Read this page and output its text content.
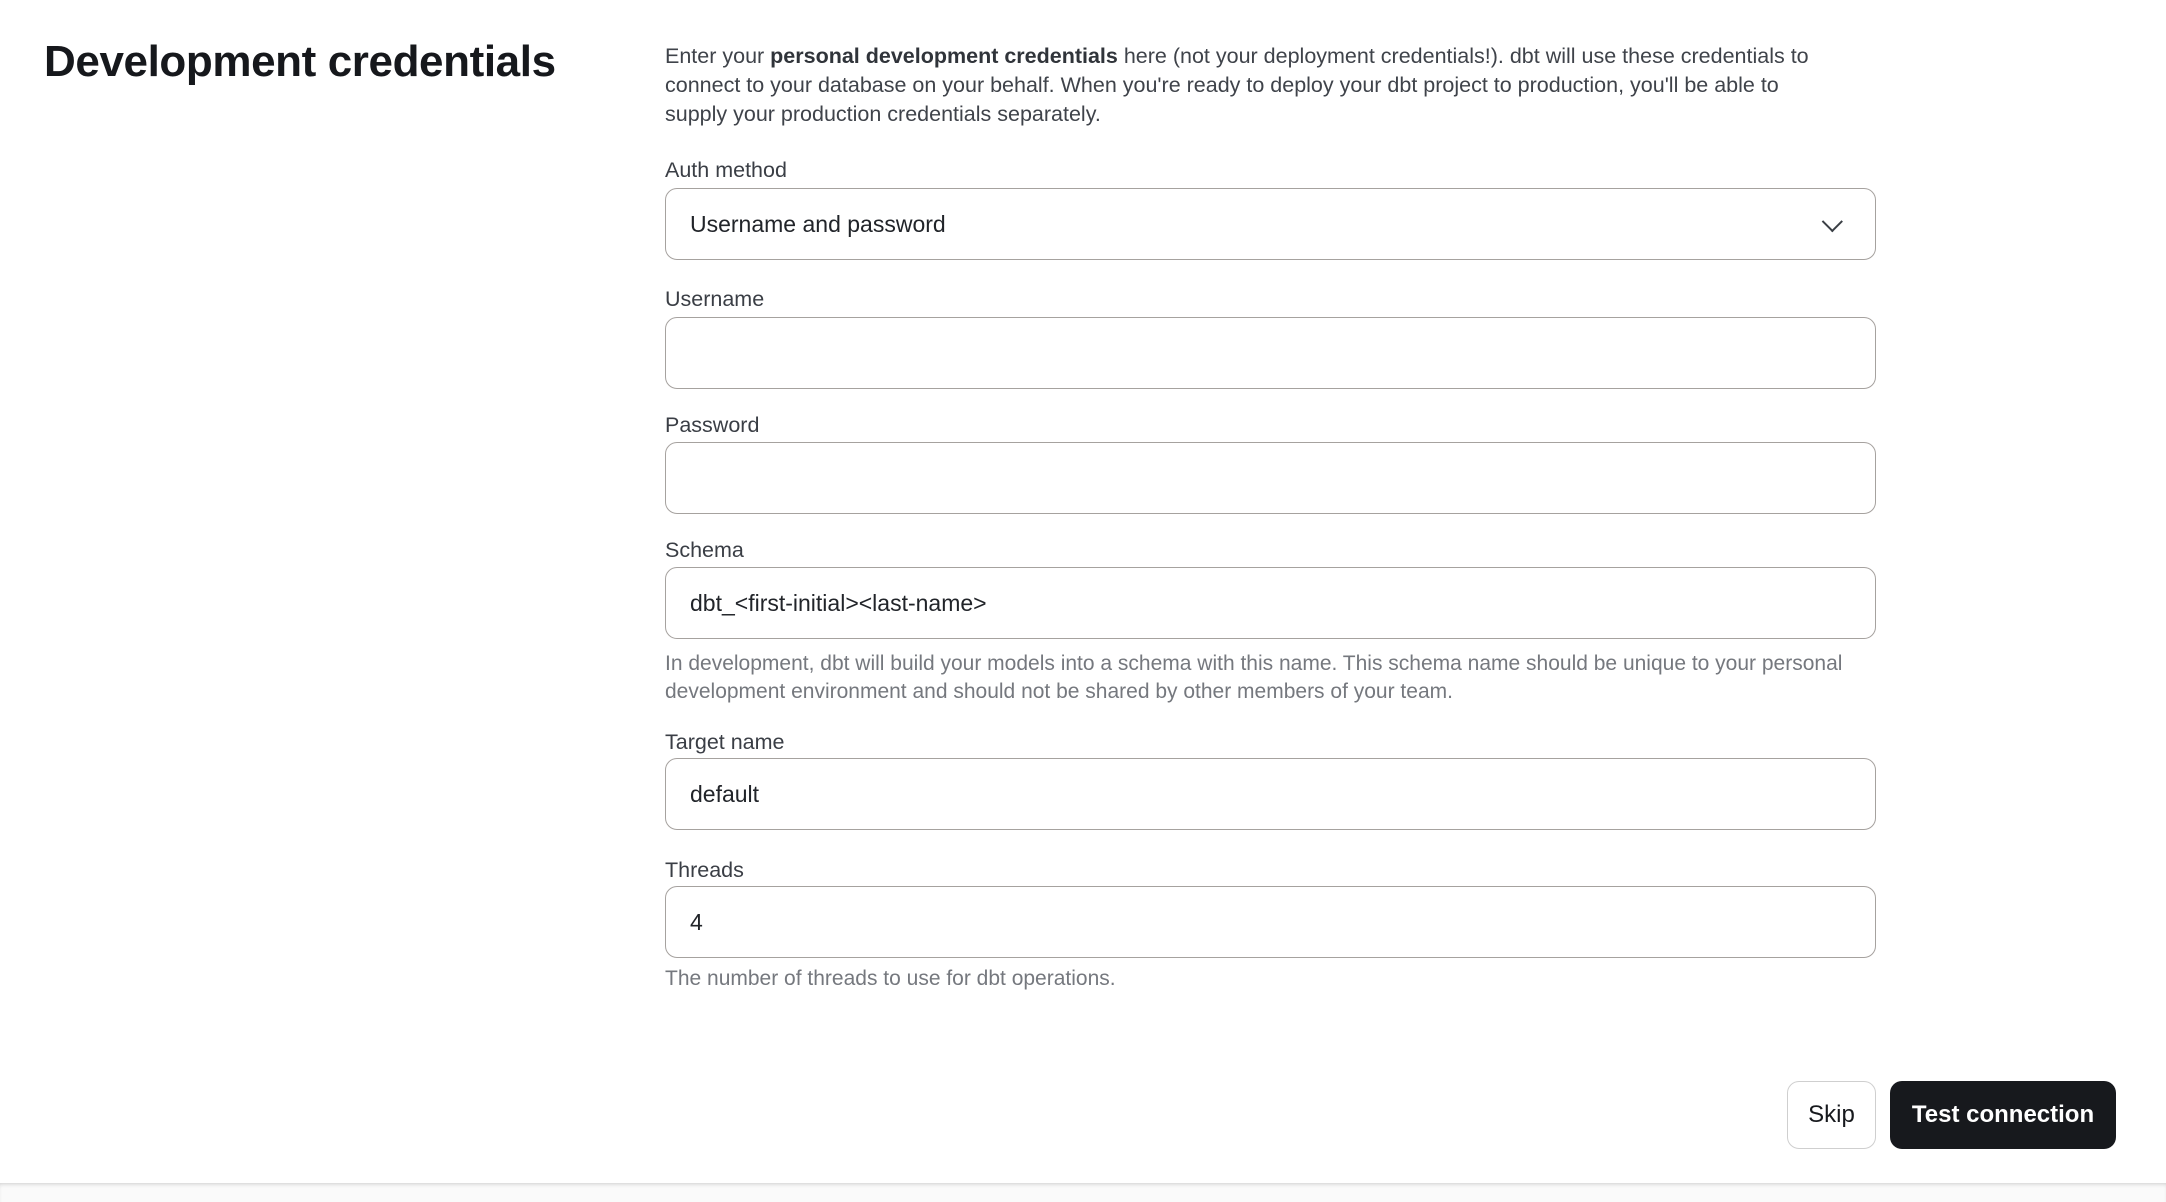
Development credentials	Enter your personal development credentials here (not your deployment credentials!). dbt will use these credentials to connect to your database on your behalf. When you're ready to deploy your dbt project to production, you'll be able to supply your production credentials separately.

Auth method
Username and password
Username
Password
Schema
dbt_<first-initial><last-name>

In development, dbt will build your models into a schema with this name. This schema name should be unique to your personal development environment and should not be shared by other members of your team.

Target name
default
Threads
4

The number of threads to use for dbt operations.

Skip	Test connection
